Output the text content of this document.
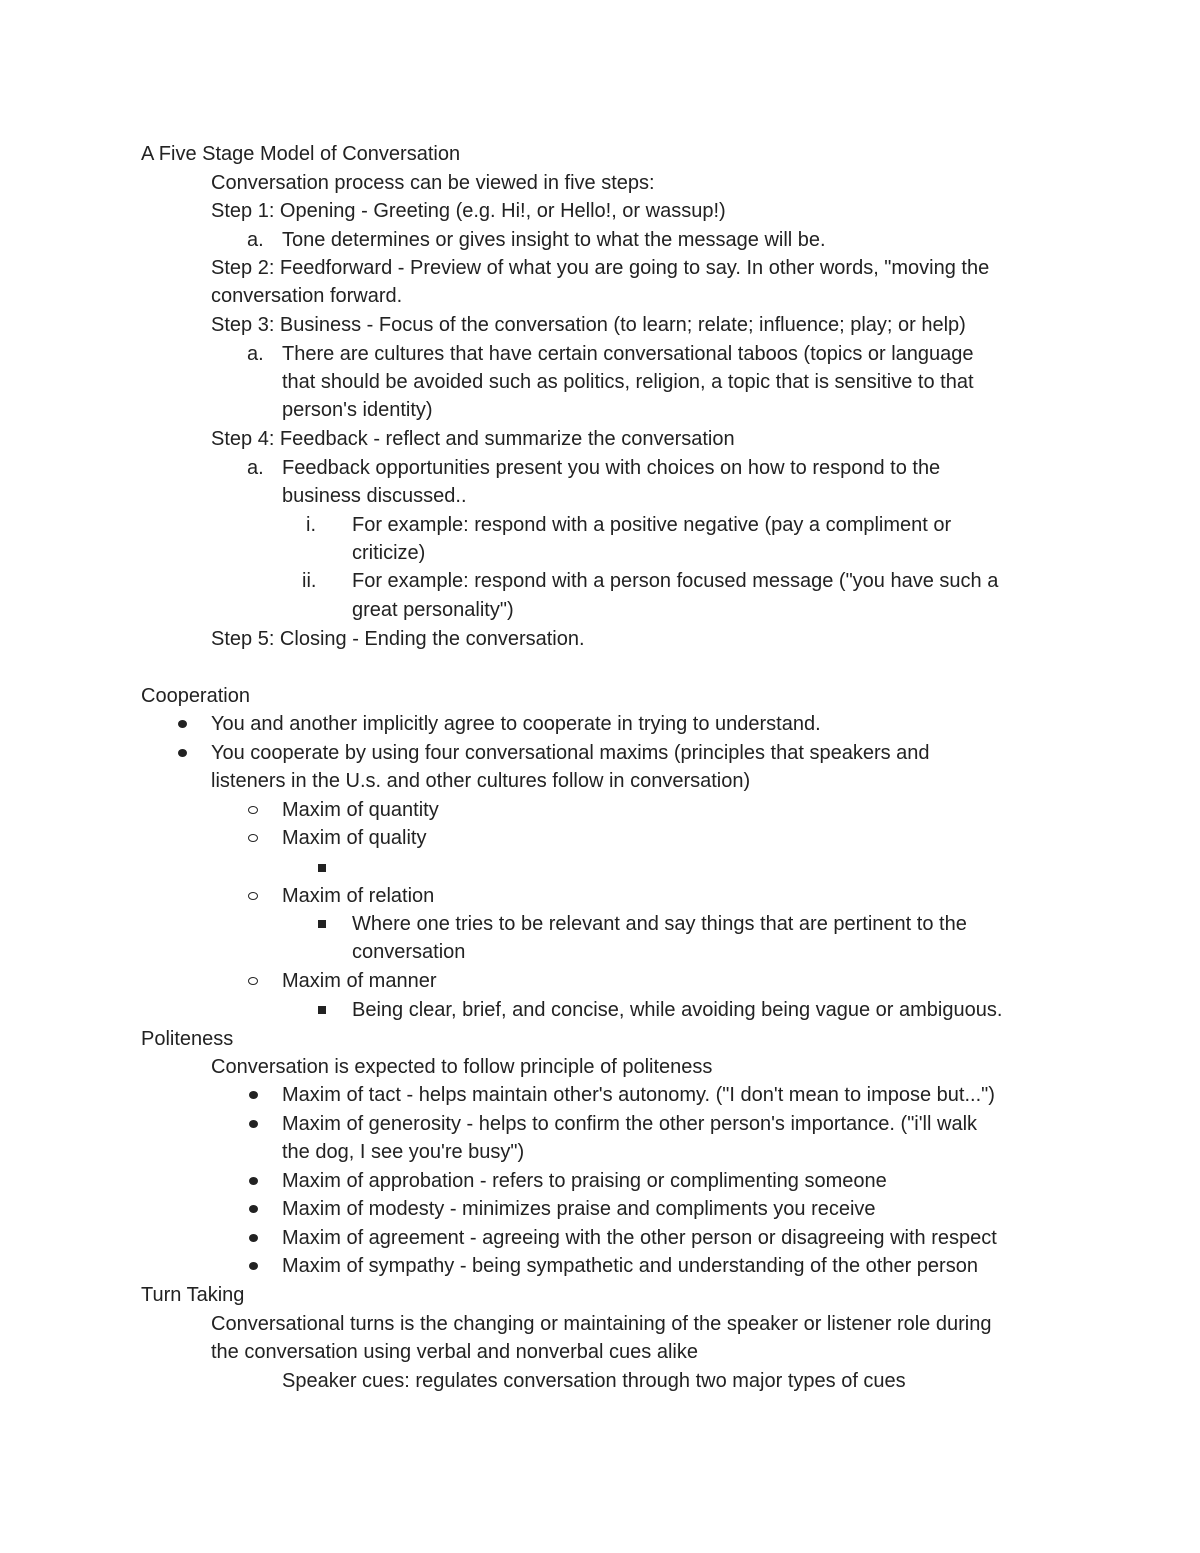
A Five Stage Model of Conversation
Conversation process can be viewed in five steps:
Step 1: Opening - Greeting (e.g. Hi!, or Hello!, or wassup!)
a. Tone determines or gives insight to what the message will be.
Step 2: Feedforward - Preview of what you are going to say. In other words, "moving the
conversation forward.
Step 3: Business - Focus of the conversation (to learn; relate; influence; play; or help)
a. There are cultures that have certain conversational taboos (topics or language
that should be avoided such as politics, religion, a topic that is sensitive to that
person's identity)
Step 4: Feedback - reflect and summarize the conversation
a. Feedback opportunities present you with choices on how to respond to the
business discussed..
i. For example: respond with a positive negative (pay a compliment or
criticize)
ii. For example: respond with a person focused message ("you have such a
great personality")
Step 5: Closing - Ending the conversation.
Cooperation
You and another implicitly agree to cooperate in trying to understand.
You cooperate by using four conversational maxims (principles that speakers and
listeners in the U.s. and other cultures follow in conversation)
Maxim of quantity
Maxim of quality
Maxim of relation
Where one tries to be relevant and say things that are pertinent to the
conversation
Maxim of manner
Being clear, brief, and concise, while avoiding being vague or ambiguous.
Politeness
Conversation is expected to follow principle of politeness
Maxim of tact - helps maintain other's autonomy. ("I don't mean to impose but...")
Maxim of generosity - helps to confirm the other person's importance. ("i'll walk
the dog, I see you're busy")
Maxim of approbation - refers to praising or complimenting someone
Maxim of modesty - minimizes praise and compliments you receive
Maxim of agreement - agreeing with the other person or disagreeing with respect
Maxim of sympathy - being sympathetic and understanding of the other person
Turn Taking
Conversational turns is the changing or maintaining of the speaker or listener role during
the conversation using verbal and nonverbal cues alike
Speaker cues: regulates conversation through two major types of cues
